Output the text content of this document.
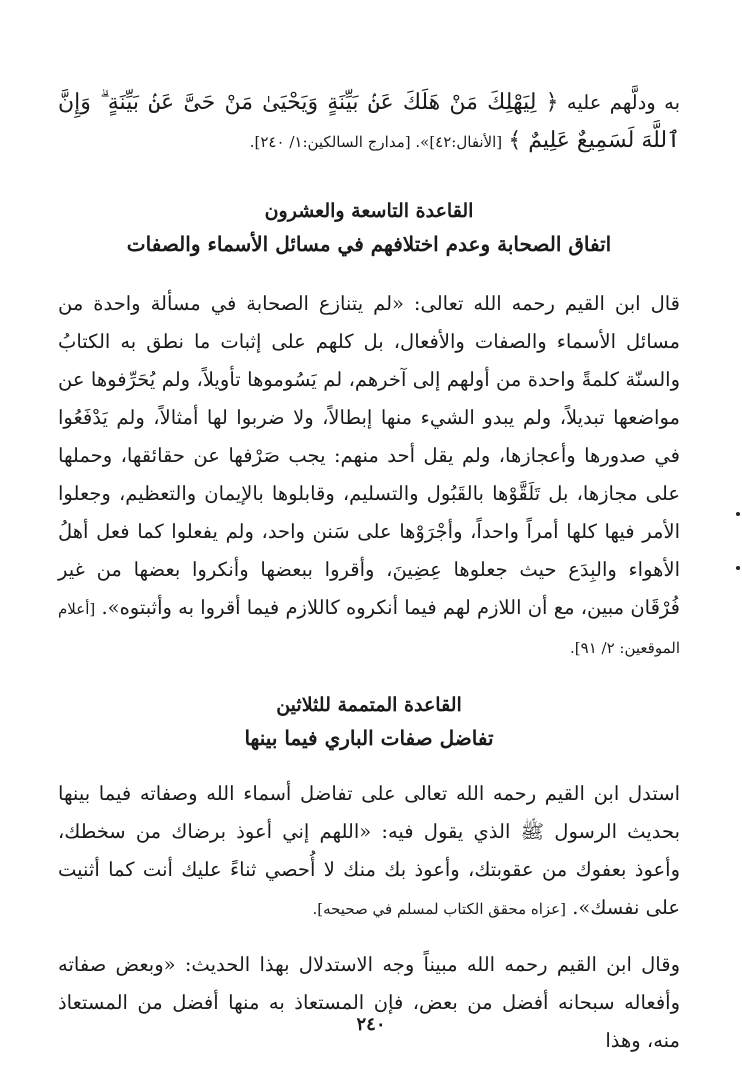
به ودلَّهم عليه ﴿ لِيَهْلِكَ مَنْ هَلَكَ عَنۢ بَيِّنَةٍ وَيَحْيَىٰ مَنْ حَىَّ عَنۢ بَيِّنَةٍ ۗ وَإِنَّ ٱللَّهَ لَسَمِيعٌ عَلِيمٌ ﴾ [الأنفال:٤٢]». [مدارج السالكين:١/ ٢٤٠].

القاعدة التاسعة والعشرون
اتفاق الصحابة وعدم اختلافهم في مسائل الأسماء والصفات

قال ابن القيم رحمه الله تعالى: «لم يتنازع الصحابة في مسألة واحدة من مسائل الأسماء والصفات والأفعال، بل كلهم على إثبات ما نطق به الكتابُ والسنّة كلمةً واحدة من أولهم إلى آخرهم، لم يَسُوموها تأويلاً، ولم يُحَرِّفوها عن مواضعها تبديلاً، ولم يبدو الشيء منها إبطالاً، ولا ضربوا لها أمثالاً، ولم يَدْفَعُوا في صدورها وأعجازها، ولم يقل أحد منهم: يجب صَرْفها عن حقائقها، وحملها على مجازها، بل تَلَقَّوْها بالقَبُول والتسليم، وقابلوها بالإيمان والتعظيم، وجعلوا الأمر فيها كلها أمراً واحداً، وأجْرَوْها على سَنن واحد، ولم يفعلوا كما فعل أهلُ الأهواء والبِدَع حيث جعلوها عِضِينَ، وأقروا ببعضها وأنكروا بعضها من غير فُرْقَان مبين، مع أن اللازم لهم فيما أنكروه كاللازم فيما أقروا به وأثبتوه». [أعلام الموقعين: ٢/ ٩١].

القاعدة المتممة للثلاثين
تفاضل صفات الباري فيما بينها

استدل ابن القيم رحمه الله تعالى على تفاضل أسماء الله وصفاته فيما بينها بحديث الرسول ﷺ الذي يقول فيه: «اللهم إني أعوذ برضاك من سخطك، وأعوذ بعفوك من عقوبتك، وأعوذ بك منك لا أُحصي ثناءً عليك أنت كما أثنيت على نفسك». [عزاه محقق الكتاب لمسلم في صحيحه].

وقال ابن القيم رحمه الله مبيناً وجه الاستدلال بهذا الحديث: «وبعض صفاته وأفعاله سبحانه أفضل من بعض، فإن المستعاذ به منها أفضل من المستعاذ منه، وهذا

٢٤٠
